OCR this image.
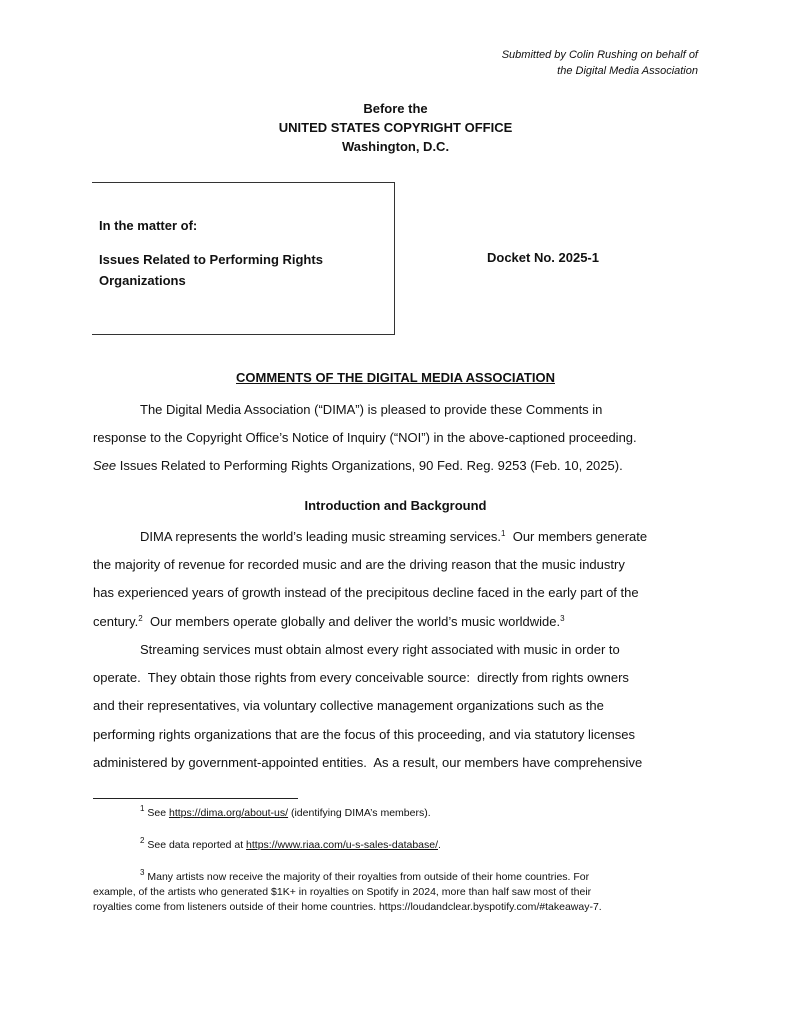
Submitted by Colin Rushing on behalf of
the Digital Media Association
Before the
UNITED STATES COPYRIGHT OFFICE
Washington, D.C.
In the matter of:
Issues Related to Performing Rights
Organizations
Docket No. 2025-1
COMMENTS OF THE DIGITAL MEDIA ASSOCIATION
The Digital Media Association (“DIMA”) is pleased to provide these Comments in
response to the Copyright Office’s Notice of Inquiry (“NOI”) in the above-captioned proceeding.
See Issues Related to Performing Rights Organizations, 90 Fed. Reg. 9253 (Feb. 10, 2025).
Introduction and Background
DIMA represents the world’s leading music streaming services.$^1$  Our members generate
the majority of revenue for recorded music and are the driving reason that the music industry
has experienced years of growth instead of the precipitous decline faced in the early part of the
century.$^2$  Our members operate globally and deliver the world’s music worldwide.$^3$
Streaming services must obtain almost every right associated with music in order to
operate.  They obtain those rights from every conceivable source:  directly from rights owners
and their representatives, via voluntary collective management organizations such as the
performing rights organizations that are the focus of this proceeding, and via statutory licenses
administered by government-appointed entities.  As a result, our members have comprehensive
$^1$ See https://dima.org/about-us/ (identifying DIMA’s members).
$^2$ See data reported at https://www.riaa.com/u-s-sales-database/.
$^3$ Many artists now receive the majority of their royalties from outside of their home countries. For
example, of the artists who generated $1K+ in royalties on Spotify in 2024, more than half saw most of their
royalties come from listeners outside of their home countries. https://loudandclear.byspotify.com/#takeaway-7.
